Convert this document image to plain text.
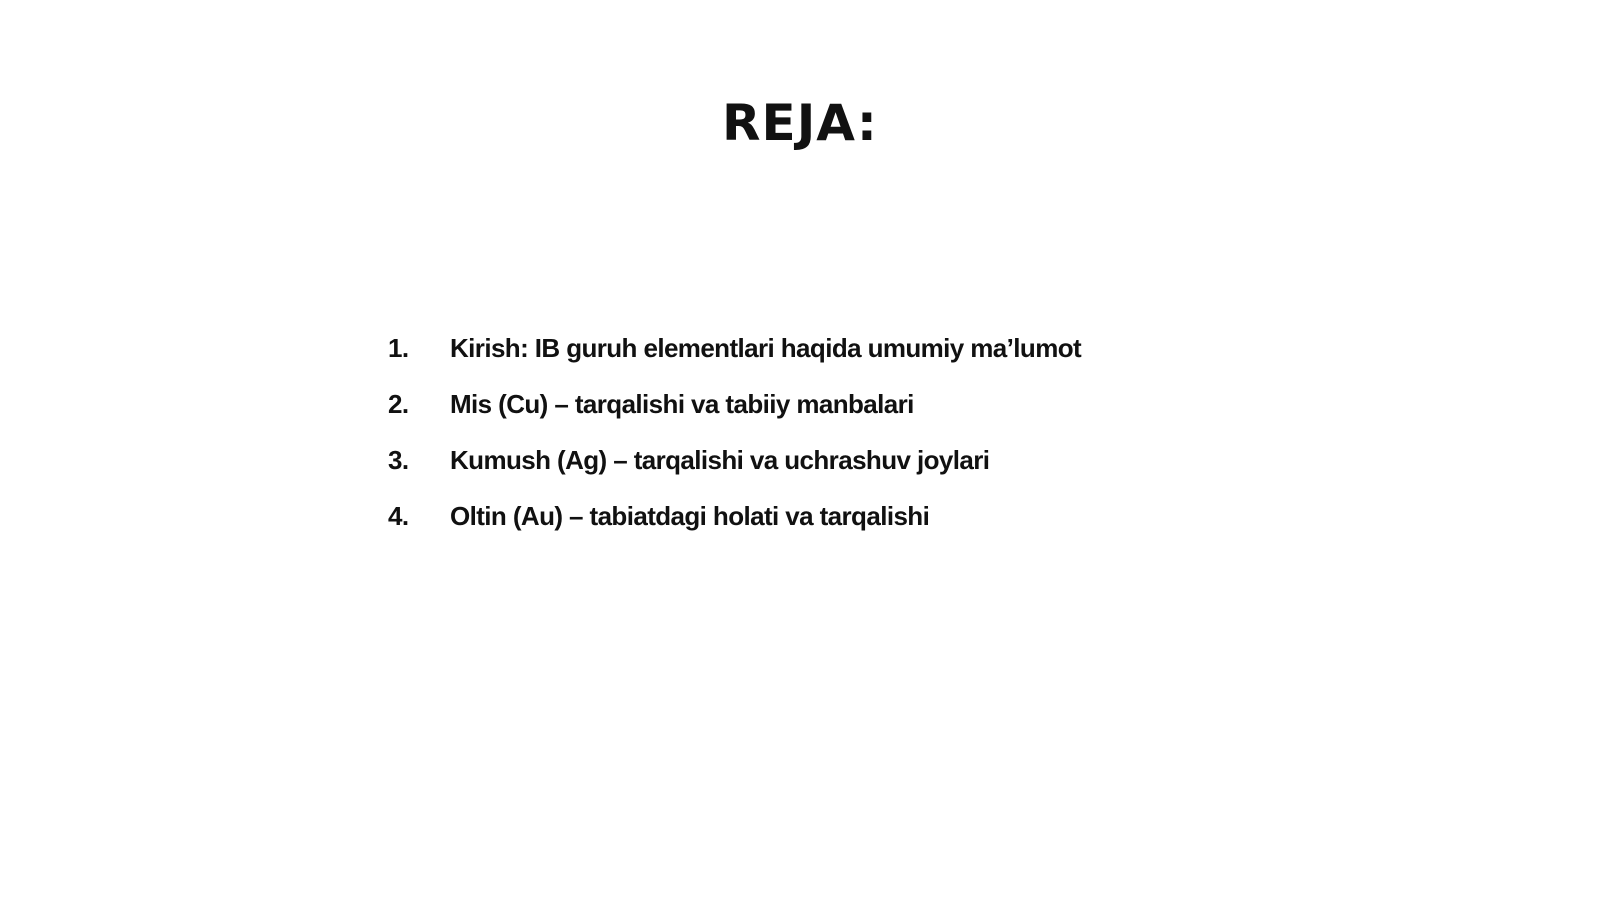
REJA:
1.	Kirish: IB guruh elementlari haqida umumiy ma’lumot
2.	Mis (Cu) – tarqalishi va tabiiy manbalari
3.	Kumush (Ag) – tarqalishi va uchrashuv joylari
4.	Oltin (Au) – tabiatdagi holati va tarqalishi
